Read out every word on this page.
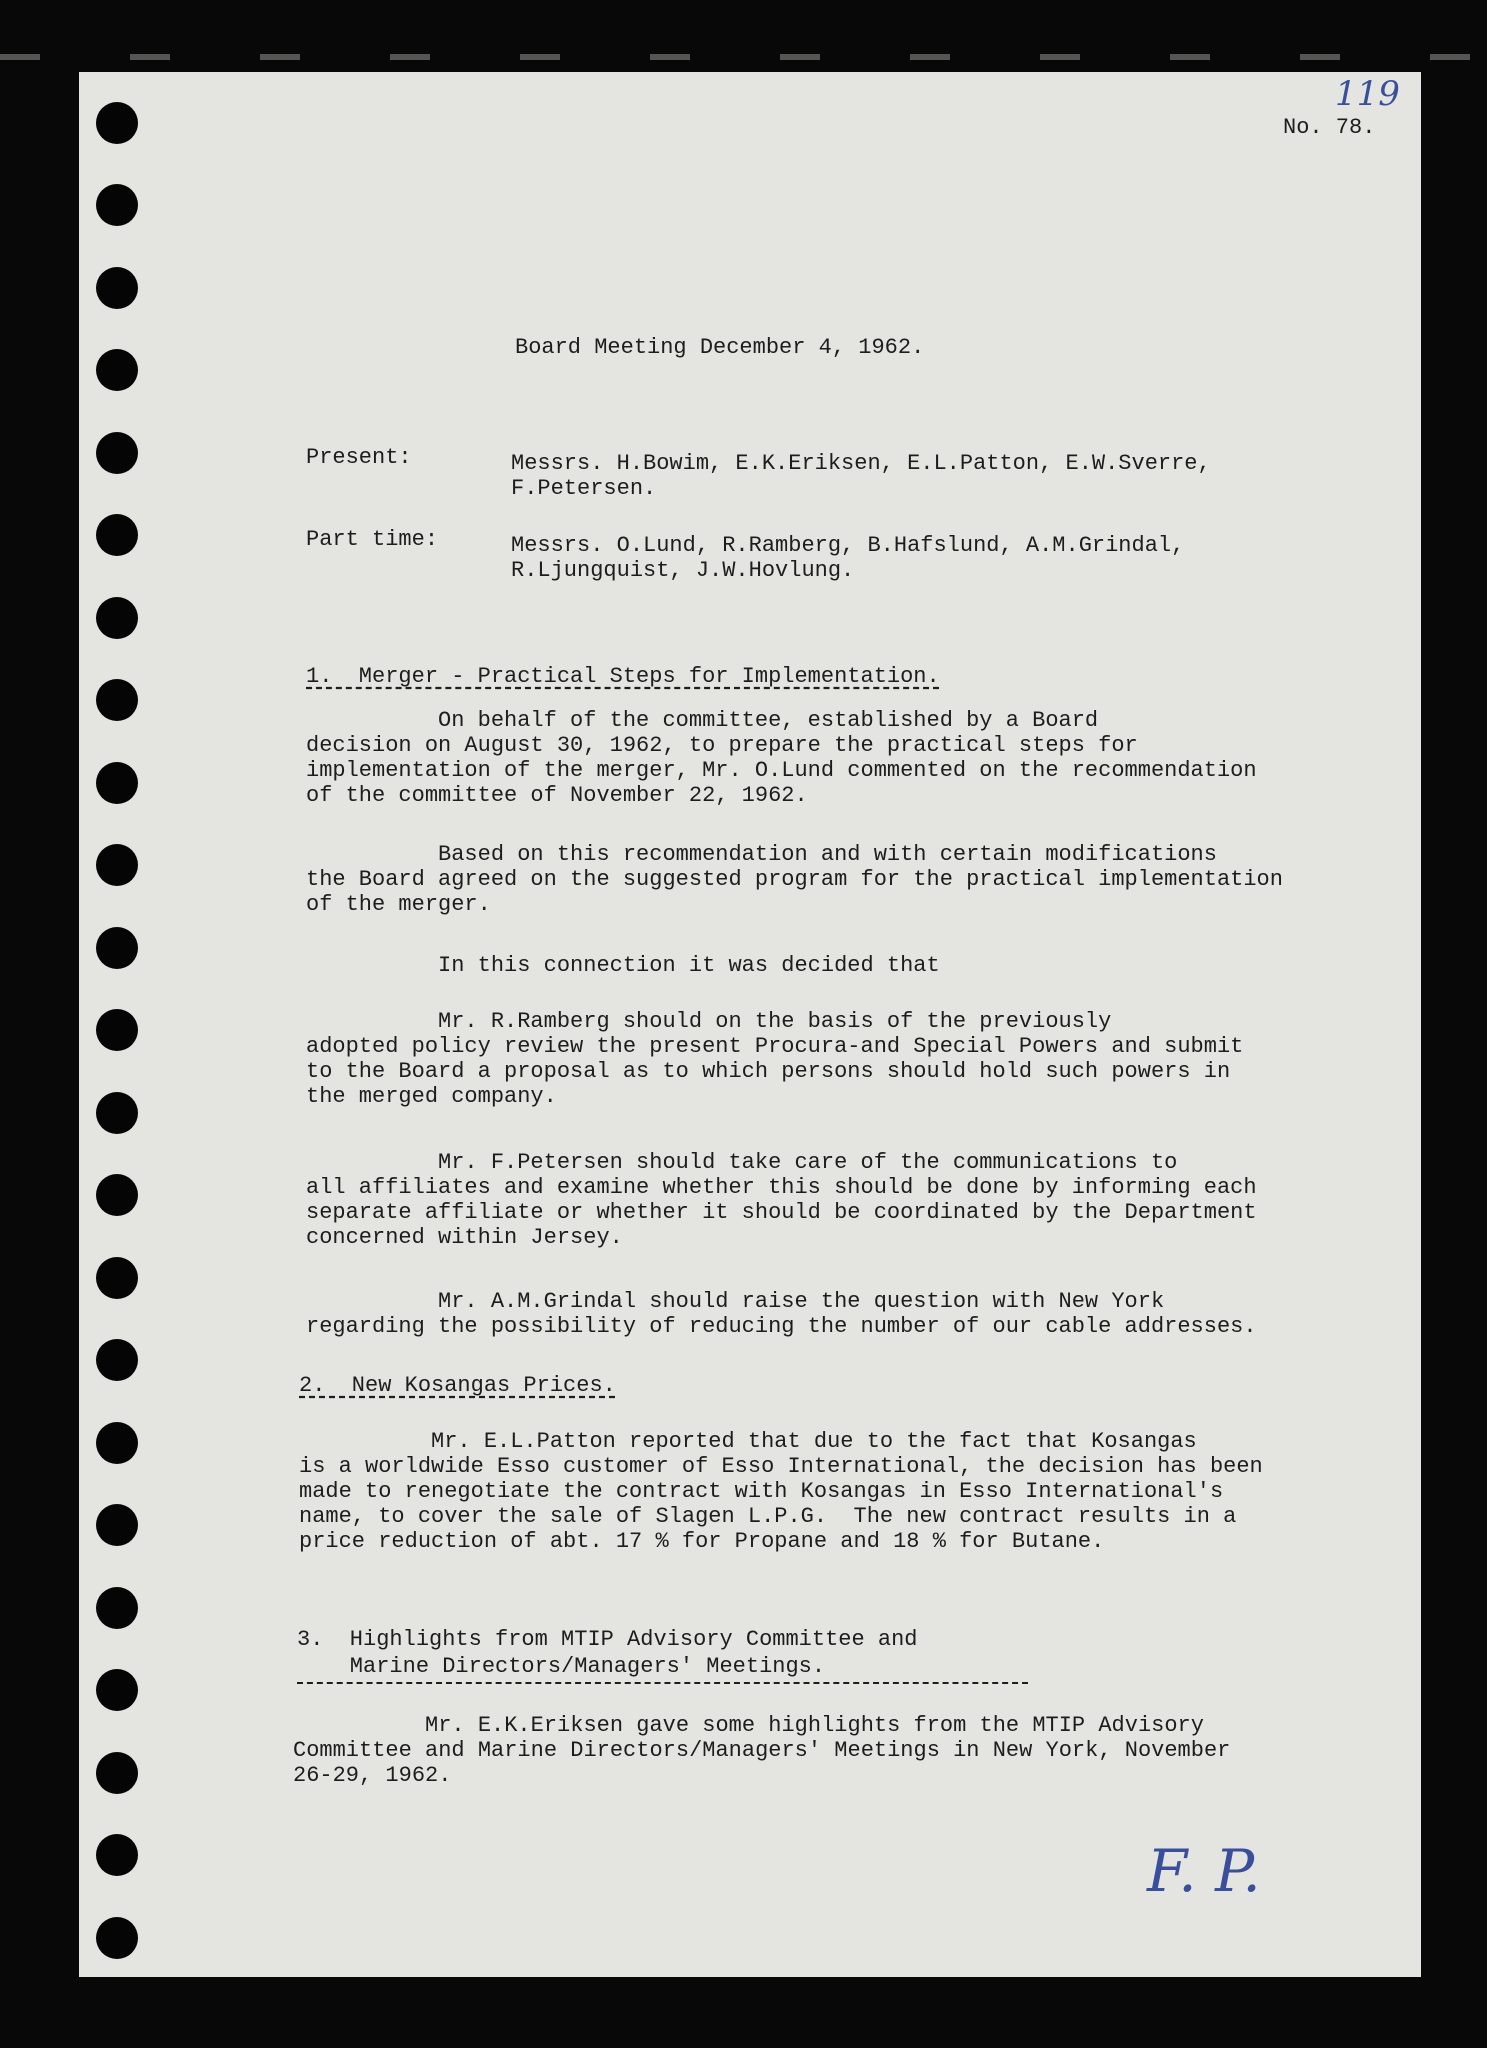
119
No. 78.
Board Meeting December 4, 1962.
Present:	Messrs. H.Bowim, E.K.Eriksen, E.L.Patton, E.W.Sverre,
F.Petersen.
Part time:	Messrs. O.Lund, R.Ramberg, B.Hafslund, A.M.Grindal,
R.Ljungquist, J.W.Hovlung.
1.  Merger - Practical Steps for Implementation.
On behalf of the committee, established by a Board
decision on August 30, 1962, to prepare the practical steps for
implementation of the merger, Mr. O.Lund commented on the recommendation
of the committee of November 22, 1962.
Based on this recommendation and with certain modifications
the Board agreed on the suggested program for the practical implementation
of the merger.
In this connection it was decided that
Mr. R.Ramberg should on the basis of the previously
adopted policy review the present Procura-and Special Powers and submit
to the Board a proposal as to which persons should hold such powers in
the merged company.
Mr. F.Petersen should take care of the communications to
all affiliates and examine whether this should be done by informing each
separate affiliate or whether it should be coordinated by the Department
concerned within Jersey.
Mr. A.M.Grindal should raise the question with New York
regarding the possibility of reducing the number of our cable addresses.
2.  New Kosangas Prices.
Mr. E.L.Patton reported that due to the fact that Kosangas
is a worldwide Esso customer of Esso International, the decision has been
made to renegotiate the contract with Kosangas in Esso International's
name, to cover the sale of Slagen L.P.G.  The new contract results in a
price reduction of abt. 17 % for Propane and 18 % for Butane.
3.  Highlights from MTIP Advisory Committee and
Marine Directors/Managers' Meetings.
Mr. E.K.Eriksen gave some highlights from the MTIP Advisory
Committee and Marine Directors/Managers' Meetings in New York, November
26-29, 1962.
F. P.
